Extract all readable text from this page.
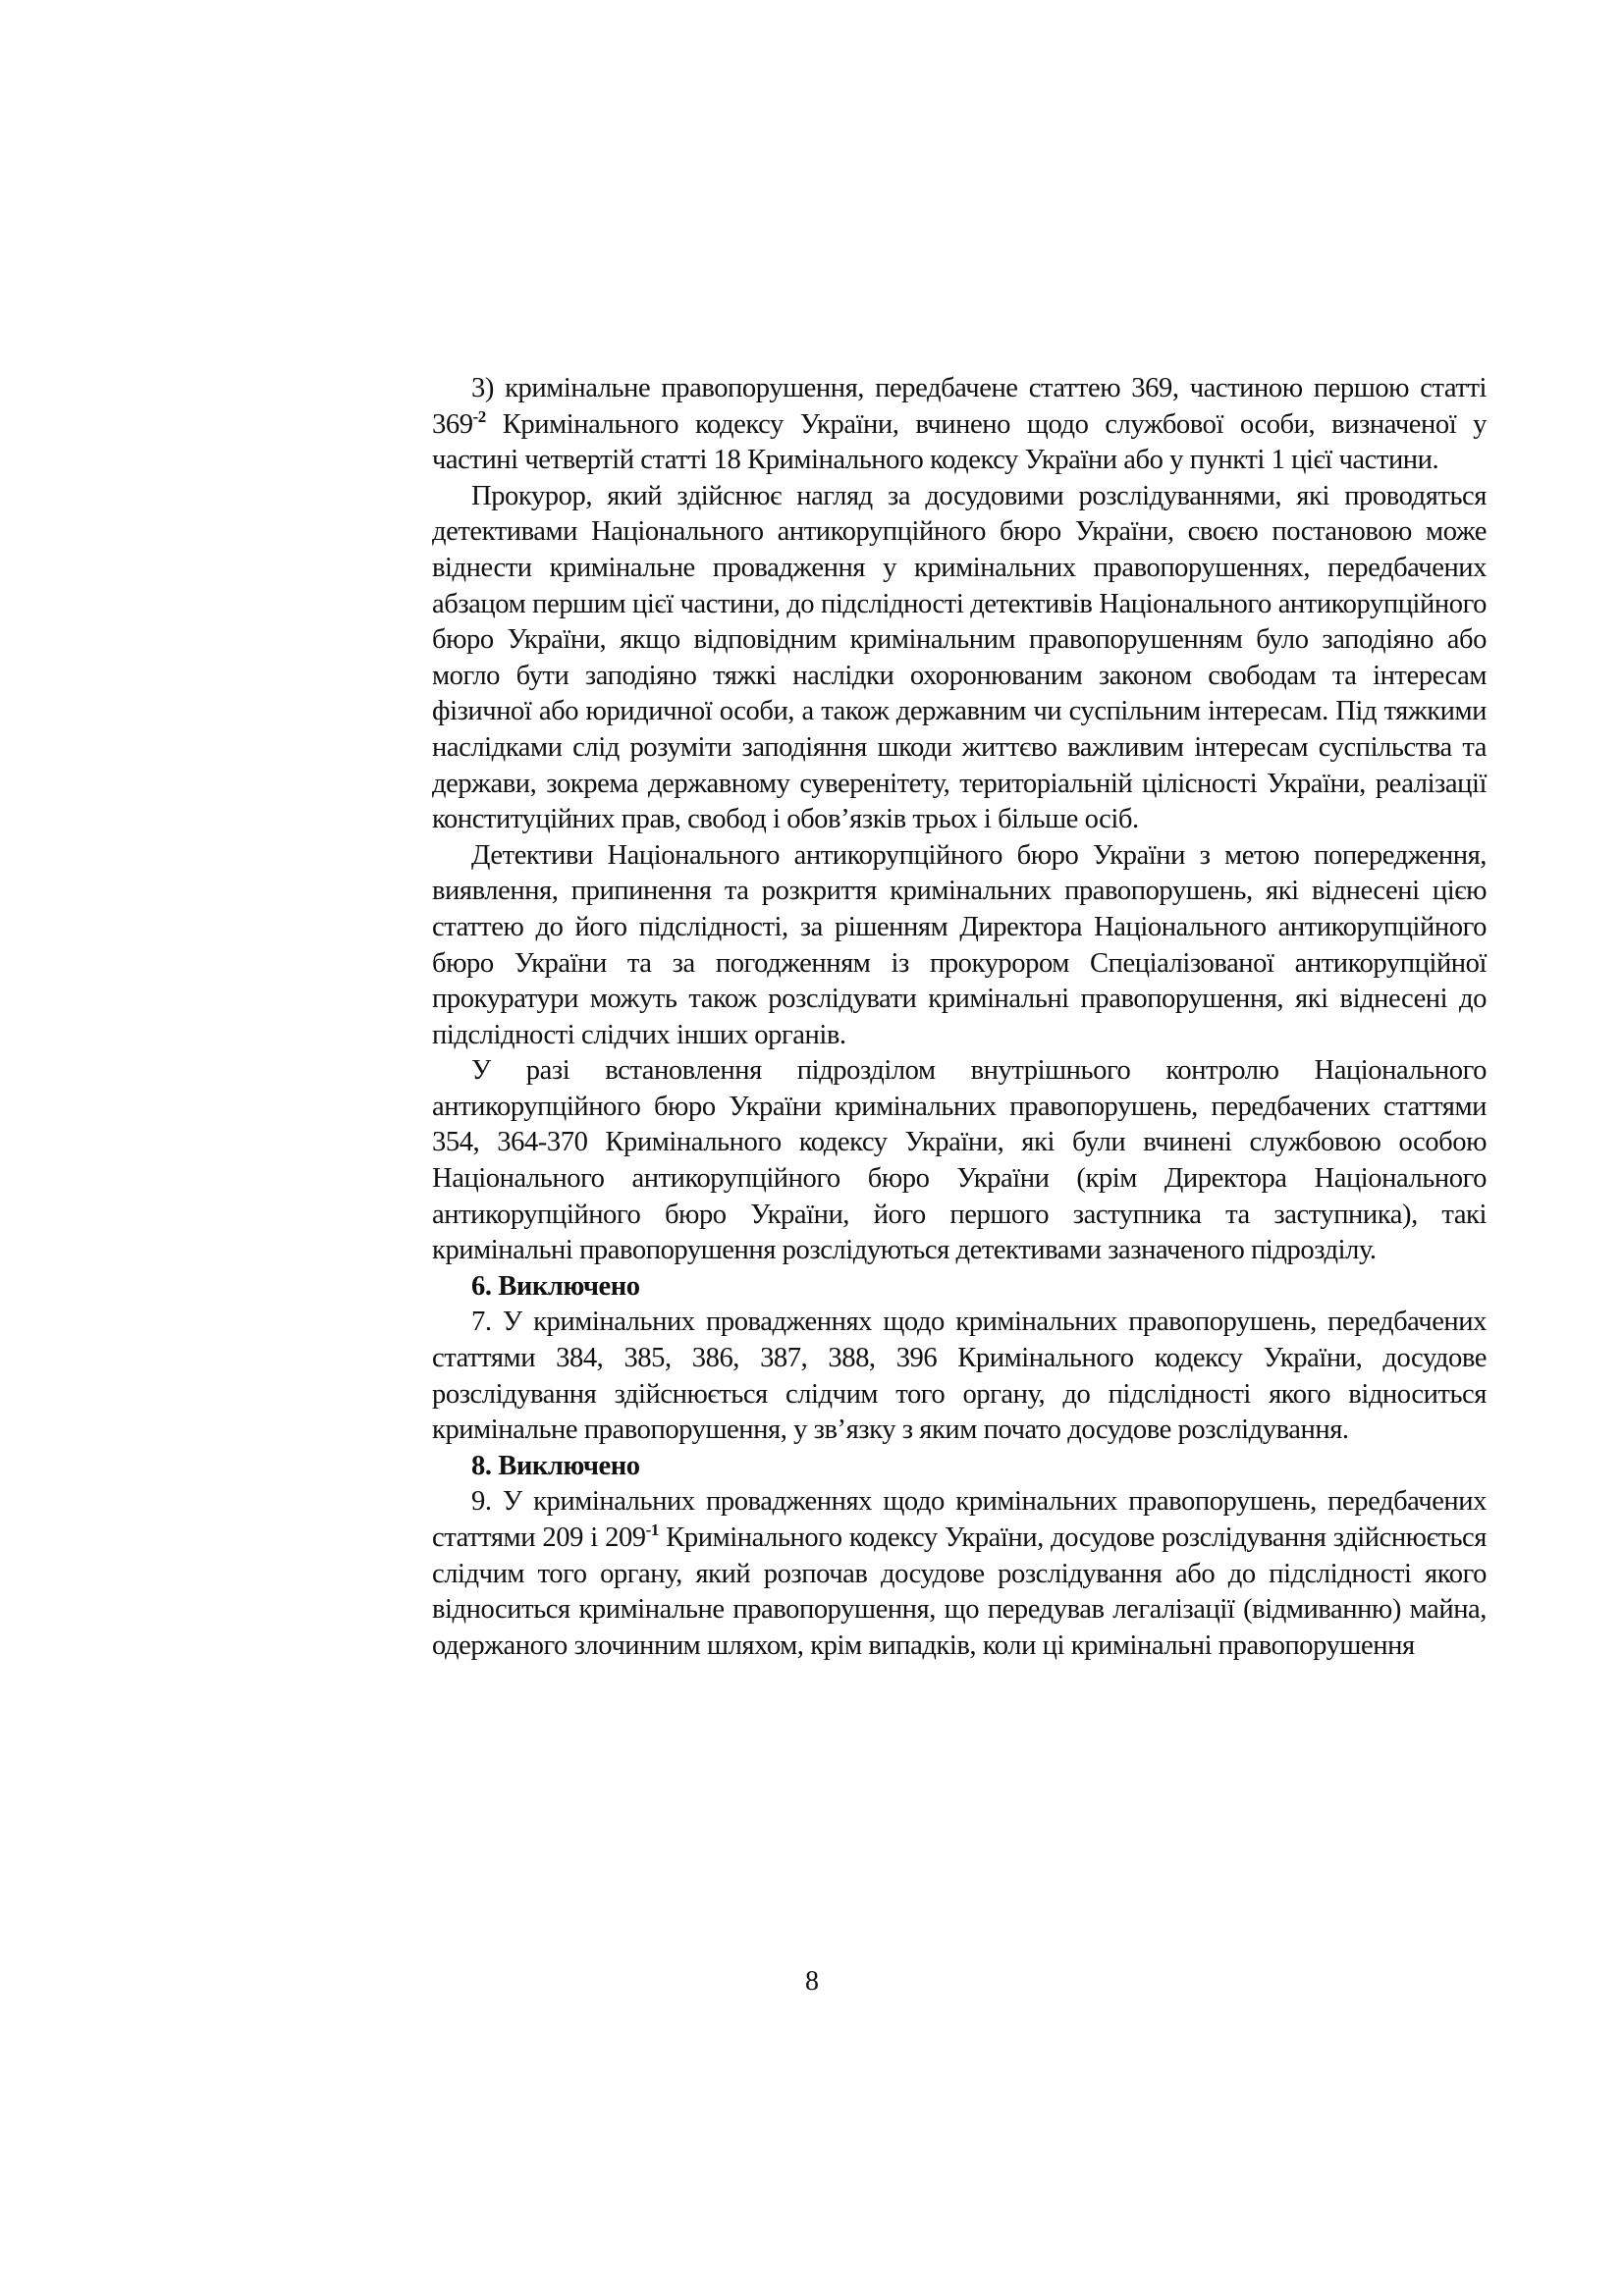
3) кримінальне правопорушення, передбачене статтею 369, частиною першою статті $369^{-2}$ Кримінального кодексу України, вчинено щодо службової особи, визначеної у частині четвертій статті 18 Кримінального кодексу України або у пункті 1 цієї частини.

Прокурор, який здійснює нагляд за досудовими розслідуваннями, які проводяться детективами Національного антикорупційного бюро України, своєю постановою може віднести кримінальне провадження у кримінальних правопорушеннях, передбачених абзацом першим цієї частини, до підслідності детективів Національного антикорупційного бюро України, якщо відповідним кримінальним правопорушенням було заподіяно або могло бути заподіяно тяжкі наслідки охоронюваним законом свободам та інтересам фізичної або юридичної особи, а також державним чи суспільним інтересам. Під тяжкими наслідками слід розуміти заподіяння шкоди життєво важливим інтересам суспільства та держави, зокрема державному суверенітету, територіальній цілісності України, реалізації конституційних прав, свобод і обов’язків трьох і більше осіб.

Детективи Національного антикорупційного бюро України з метою попередження, виявлення, припинення та розкриття кримінальних правопорушень, які віднесені цією статтею до його підслідності, за рішенням Директора Національного антикорупційного бюро України та за погодженням із прокурором Спеціалізованої антикорупційної прокуратури можуть також розслідувати кримінальні правопорушення, які віднесені до підслідності слідчих інших органів.

У разі встановлення підрозділом внутрішнього контролю Національного антикорупційного бюро України кримінальних правопорушень, передбачених статтями 354, 364-370 Кримінального кодексу України, які були вчинені службовою особою Національного антикорупційного бюро України (крім Директора Національного антикорупційного бюро України, його першого заступника та заступника), такі кримінальні правопорушення розслідуються детективами зазначеного підрозділу.

6. Виключено

7. У кримінальних провадженнях щодо кримінальних правопорушень, передбачених статтями 384, 385, 386, 387, 388, 396 Кримінального кодексу України, досудове розслідування здійснюється слідчим того органу, до підслідності якого відноситься кримінальне правопорушення, у зв’язку з яким почато досудове розслідування.

8. Виключено

9. У кримінальних провадженнях щодо кримінальних правопорушень, передбачених статтями 209 і $209^{-1}$ Кримінального кодексу України, досудове розслідування здійснюється слідчим того органу, який розпочав досудове розслідування або до підслідності якого відноситься кримінальне правопорушення, що передував легалізації (відмиванню) майна, одержаного злочинним шляхом, крім випадків, коли ці кримінальні правопорушення

8
